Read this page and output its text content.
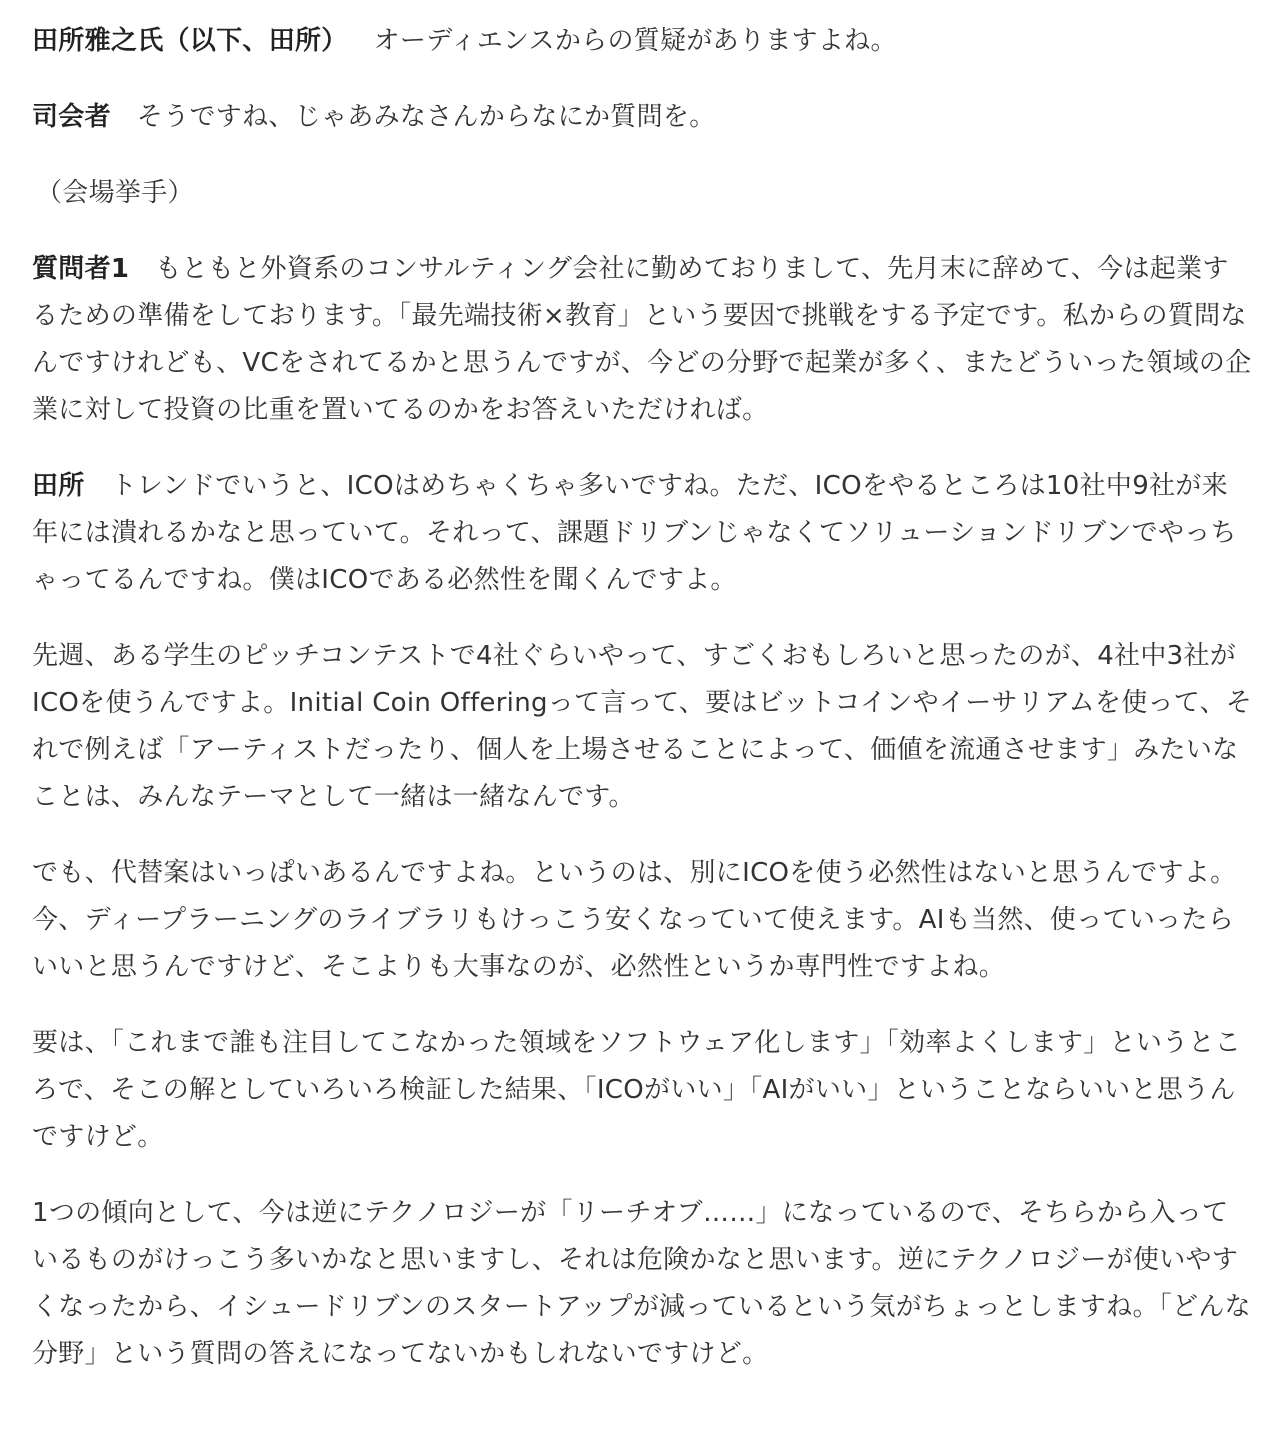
田所雅之氏（以下、田所） オーディエンスからの質疑がありますよね。

司会者 そうですね、じゃあみなさんからなにか質問を。

（会場挙手）

質問者1 もともと外資系のコンサルティング会社に勤めておりまして、先月末に辞めて、今は起業するための準備をしております。「最先端技術×教育」という要因で挑戦をする予定です。私からの質問なんですけれども、VCをされてるかと思うんですが、今どの分野で起業が多く、またどういった領域の企業に対して投資の比重を置いてるのかをお答えいただければ。

田所 トレンドでいうと、ICOはめちゃくちゃ多いですね。ただ、ICOをやるところは10社中9社が来年には潰れるかなと思っていて。それって、課題ドリブンじゃなくてソリューションドリブンでやっちゃってるんですね。僕はICOである必然性を聞くんですよ。

先週、ある学生のピッチコンテストで4社ぐらいやって、すごくおもしろいと思ったのが、4社中3社がICOを使うんですよ。Initial Coin Offeringって言って、要はビットコインやイーサリアムを使って、それで例えば「アーティストだったり、個人を上場させることによって、価値を流通させます」みたいなことは、みんなテーマとして一緒は一緒なんです。

でも、代替案はいっぱいあるんですよね。というのは、別にICOを使う必然性はないと思うんですよ。今、ディープラーニングのライブラリもけっこう安くなっていて使えます。AIも当然、使っていったらいいと思うんですけど、そこよりも大事なのが、必然性というか専門性ですよね。

要は、「これまで誰も注目してこなかった領域をソフトウェア化します」「効率よくします」というところで、そこの解としていろいろ検証した結果、「ICOがいい」「AIがいい」ということならいいと思うんですけど。

1つの傾向として、今は逆にテクノロジーが「リーチオブ……」になっているので、そちらから入っているものがけっこう多いかなと思いますし、それは危険かなと思います。逆にテクノロジーが使いやすくなったから、イシュードリブンのスタートアップが減っているという気がちょっとしますね。「どんな分野」という質問の答えになってないかもしれないですけど。
